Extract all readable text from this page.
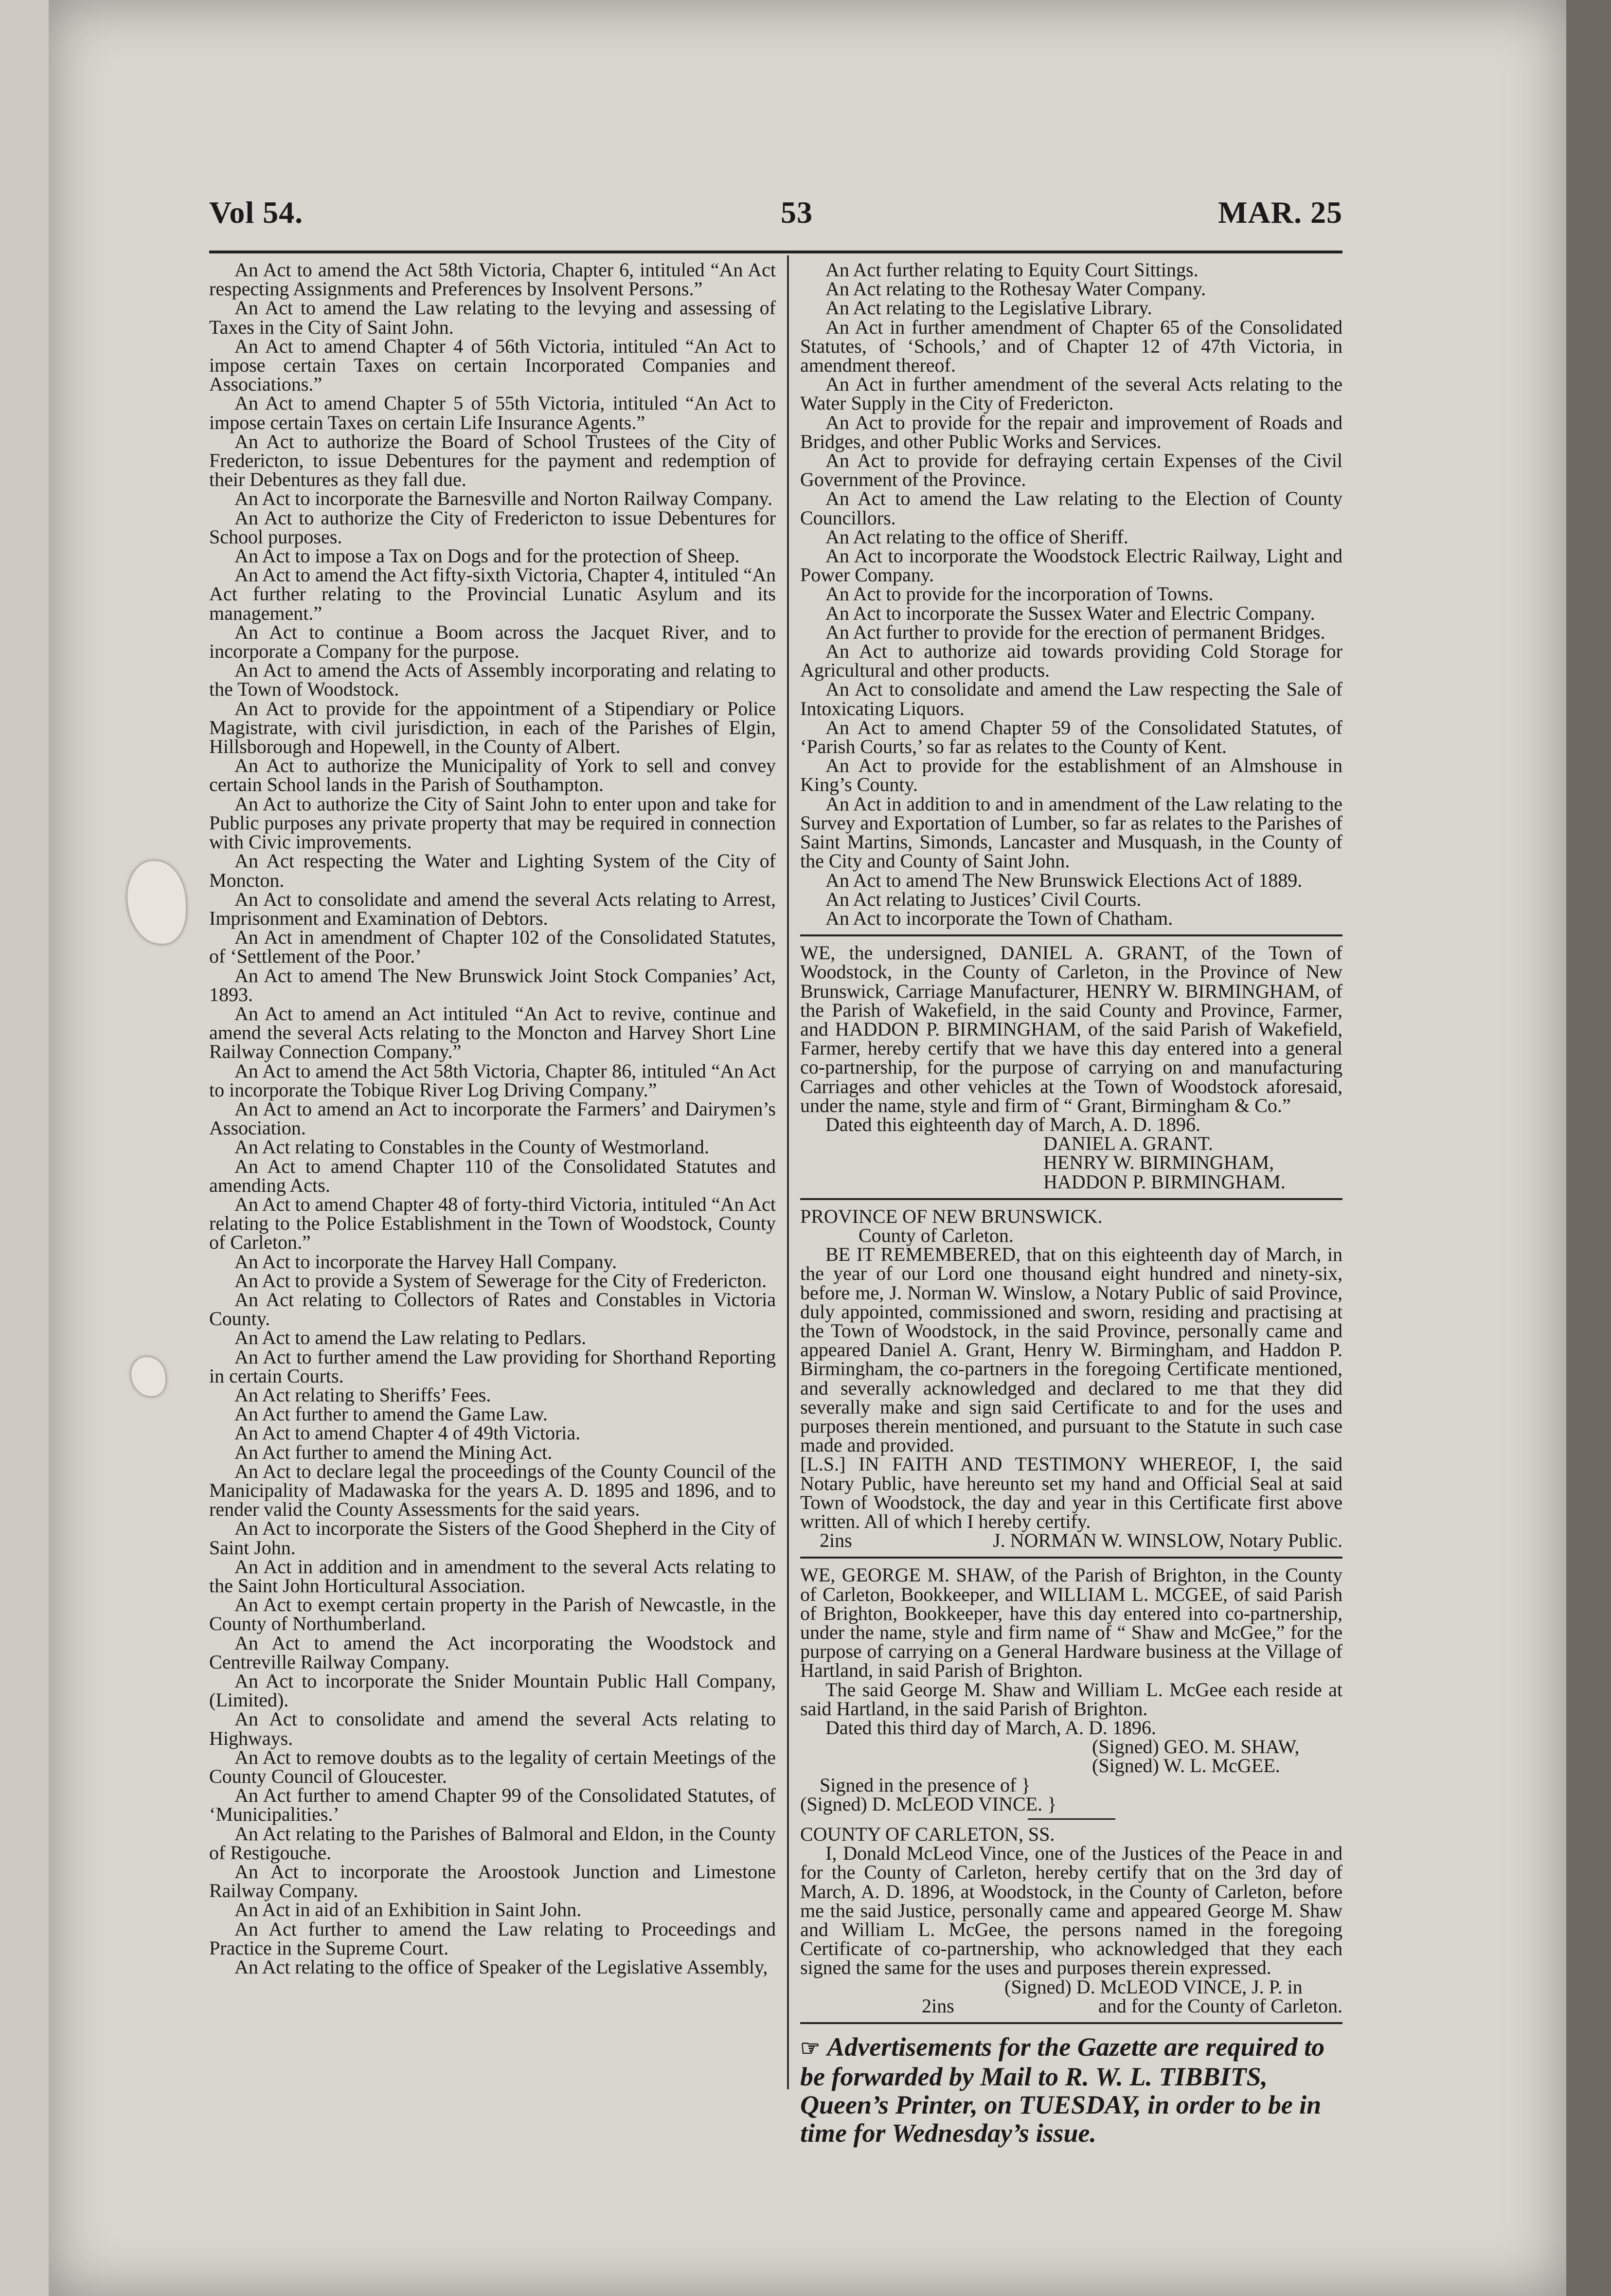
Vol 54.	53	MAR. 25

An Act to amend the Act 58th Victoria, Chapter 6, intituled “An Act respecting Assignments and Preferences by Insolvent Persons.”

An Act to amend the Law relating to the levying and assessing of Taxes in the City of Saint John.

An Act to amend Chapter 4 of 56th Victoria, intituled “An Act to impose certain Taxes on certain Incorporated Companies and Associations.”

An Act to amend Chapter 5 of 55th Victoria, intituled “An Act to impose certain Taxes on certain Life Insurance Agents.”

An Act to authorize the Board of School Trustees of the City of Fredericton, to issue Debentures for the payment and redemption of their Debentures as they fall due.

An Act to incorporate the Barnesville and Norton Railway Company.

An Act to authorize the City of Fredericton to issue Debentures for School purposes.

An Act to impose a Tax on Dogs and for the protection of Sheep.

An Act to amend the Act fifty-sixth Victoria, Chapter 4, intituled “An Act further relating to the Provincial Lunatic Asylum and its management.”

An Act to continue a Boom across the Jacquet River, and to incorporate a Company for the purpose.

An Act to amend the Acts of Assembly incorporating and relating to the Town of Woodstock.

An Act to provide for the appointment of a Stipendiary or Police Magistrate, with civil jurisdiction, in each of the Parishes of Elgin, Hillsborough and Hopewell, in the County of Albert.

An Act to authorize the Municipality of York to sell and convey certain School lands in the Parish of Southampton.

An Act to authorize the City of Saint John to enter upon and take for Public purposes any private property that may be required in connection with Civic improvements.

An Act respecting the Water and Lighting System of the City of Moncton.

An Act to consolidate and amend the several Acts relating to Arrest, Imprisonment and Examination of Debtors.

An Act in amendment of Chapter 102 of the Consolidated Statutes, of ‘Settlement of the Poor.’

An Act to amend The New Brunswick Joint Stock Companies’ Act, 1893.

An Act to amend an Act intituled “An Act to revive, continue and amend the several Acts relating to the Moncton and Harvey Short Line Railway Connection Company.”

An Act to amend the Act 58th Victoria, Chapter 86, intituled “An Act to incorporate the Tobique River Log Driving Company.”

An Act to amend an Act to incorporate the Farmers’ and Dairymen’s Association.

An Act relating to Constables in the County of Westmorland.

An Act to amend Chapter 110 of the Consolidated Statutes and amending Acts.

An Act to amend Chapter 48 of forty-third Victoria, intituled “An Act relating to the Police Establishment in the Town of Woodstock, County of Carleton.”

An Act to incorporate the Harvey Hall Company.

An Act to provide a System of Sewerage for the City of Fredericton.

An Act relating to Collectors of Rates and Constables in Victoria County.

An Act to amend the Law relating to Pedlars.

An Act to further amend the Law providing for Shorthand Reporting in certain Courts.

An Act relating to Sheriffs’ Fees.

An Act further to amend the Game Law.

An Act to amend Chapter 4 of 49th Victoria.

An Act further to amend the Mining Act.

An Act to declare legal the proceedings of the County Council of the Manicipality of Madawaska for the years A. D. 1895 and 1896, and to render valid the County Assessments for the said years.

An Act to incorporate the Sisters of the Good Shepherd in the City of Saint John.

An Act in addition and in amendment to the several Acts relating to the Saint John Horticultural Association.

An Act to exempt certain property in the Parish of Newcastle, in the County of Northumberland.

An Act to amend the Act incorporating the Woodstock and Centreville Railway Company.

An Act to incorporate the Snider Mountain Public Hall Company, (Limited).

An Act to consolidate and amend the several Acts relating to Highways.

An Act to remove doubts as to the legality of certain Meetings of the County Council of Gloucester.

An Act further to amend Chapter 99 of the Consolidated Statutes, of ‘Municipalities.’

An Act relating to the Parishes of Balmoral and Eldon, in the County of Restigouche.

An Act to incorporate the Aroostook Junction and Limestone Railway Company.

An Act in aid of an Exhibition in Saint John.

An Act further to amend the Law relating to Proceedings and Practice in the Supreme Court.

An Act relating to the office of Speaker of the Legislative Assembly,

An Act further relating to Equity Court Sittings.

An Act relating to the Rothesay Water Company.

An Act relating to the Legislative Library.

An Act in further amendment of Chapter 65 of the Consolidated Statutes, of ‘Schools,’ and of Chapter 12 of 47th Victoria, in amendment thereof.

An Act in further amendment of the several Acts relating to the Water Supply in the City of Fredericton.

An Act to provide for the repair and improvement of Roads and Bridges, and other Public Works and Services.

An Act to provide for defraying certain Expenses of the Civil Government of the Province.

An Act to amend the Law relating to the Election of County Councillors.

An Act relating to the office of Sheriff.

An Act to incorporate the Woodstock Electric Railway, Light and Power Company.

An Act to provide for the incorporation of Towns.

An Act to incorporate the Sussex Water and Electric Company.

An Act further to provide for the erection of permanent Bridges.

An Act to authorize aid towards providing Cold Storage for Agricultural and other products.

An Act to consolidate and amend the Law respecting the Sale of Intoxicating Liquors.

An Act to amend Chapter 59 of the Consolidated Statutes, of ‘Parish Courts,’ so far as relates to the County of Kent.

An Act to provide for the establishment of an Almshouse in King’s County.

An Act in addition to and in amendment of the Law relating to the Survey and Exportation of Lumber, so far as relates to the Parishes of Saint Martins, Simonds, Lancaster and Musquash, in the County of the City and County of Saint John.

An Act to amend The New Brunswick Elections Act of 1889.

An Act relating to Justices’ Civil Courts.

An Act to incorporate the Town of Chatham.

WE, the undersigned, DANIEL A. GRANT, of the Town of Woodstock, in the County of Carleton, in the Province of New Brunswick, Carriage Manufacturer, HENRY W. BIRMINGHAM, of the Parish of Wakefield, in the said County and Province, Farmer, and HADDON P. BIRMINGHAM, of the said Parish of Wakefield, Farmer, hereby certify that we have this day entered into a general co-partnership, for the purpose of carrying on and manufacturing Carriages and other vehicles at the Town of Woodstock aforesaid, under the name, style and firm of “ Grant, Birmingham & Co.”

Dated this eighteenth day of March, A. D. 1896.

DANIEL A. GRANT.

HENRY W. BIRMINGHAM,

HADDON P. BIRMINGHAM.

PROVINCE OF NEW BRUNSWICK.

County of Carleton.

BE IT REMEMBERED, that on this eighteenth day of March, in the year of our Lord one thousand eight hundred and ninety-six, before me, J. Norman W. Winslow, a Notary Public of said Province, duly appointed, commissioned and sworn, residing and practising at the Town of Woodstock, in the said Province, personally came and appeared Daniel A. Grant, Henry W. Birmingham, and Haddon P. Birmingham, the co-partners in the foregoing Certificate mentioned, and severally acknowledged and declared to me that they did severally make and sign said Certificate to and for the uses and purposes therein mentioned, and pursuant to the Statute in such case made and provided.

[L.S.] IN FAITH AND TESTIMONY WHEREOF, I, the said Notary Public, have hereunto set my hand and Official Seal at said Town of Woodstock, the day and year in this Certificate first above written. All of which I hereby certify.

2ins	J. NORMAN W. WINSLOW, Notary Public.

WE, GEORGE M. SHAW, of the Parish of Brighton, in the County of Carleton, Bookkeeper, and WILLIAM L. MCGEE, of said Parish of Brighton, Bookkeeper, have this day entered into co-partnership, under the name, style and firm name of “ Shaw and McGee,” for the purpose of carrying on a General Hardware business at the Village of Hartland, in said Parish of Brighton.

The said George M. Shaw and William L. McGee each reside at said Hartland, in the said Parish of Brighton.

Dated this third day of March, A. D. 1896.

(Signed) GEO. M. SHAW,

(Signed) W. L. McGEE.

Signed in the presence of }

(Signed) D. McLEOD VINCE. }

COUNTY OF CARLETON, SS.

I, Donald McLeod Vince, one of the Justices of the Peace in and for the County of Carleton, hereby certify that on the 3rd day of March, A. D. 1896, at Woodstock, in the County of Carleton, before me the said Justice, personally came and appeared George M. Shaw and William L. McGee, the persons named in the foregoing Certificate of co-partnership, who acknowledged that they each signed the same for the uses and purposes therein expressed.

(Signed) D. McLEOD VINCE, J. P. in

2ins	and for the County of Carleton.

☞ Advertisements for the Gazette are required to be forwarded by Mail to R. W. L. TIBBITS, Queen’s Printer, on TUESDAY, in order to be in time for Wednesday’s issue.
